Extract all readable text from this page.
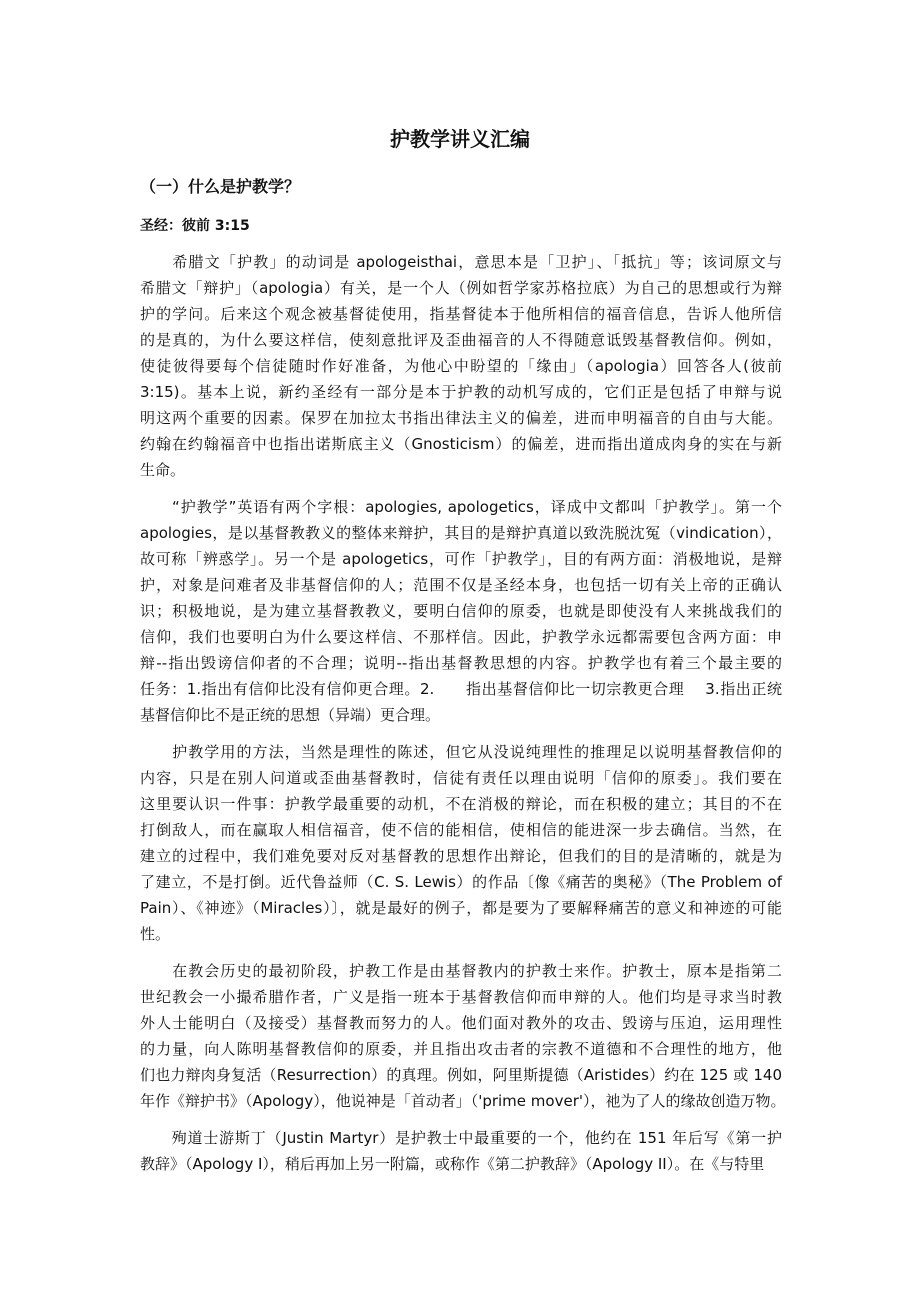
护教学讲义汇编
（一）什么是护教学？
圣经：彼前 3:15
　　希腊文「护教」的动词是 apologeisthai，意思本是「卫护」、「抵抗」等；该词原文与
希腊文「辩护」（apologia）有关，是一个人（例如哲学家苏格拉底）为自己的思想或行为辩
护的学问。后来这个观念被基督徒使用，指基督徒本于他所相信的福音信息，告诉人他所信
的是真的，为什么要这样信，使刻意批评及歪曲福音的人不得随意诋毁基督教信仰。例如，
使徒彼得要每个信徒随时作好准备，为他心中盼望的「缘由」（apologia）回答各人(彼前
3:15)。基本上说，新约圣经有一部分是本于护教的动机写成的，它们正是包括了申辩与说
明这两个重要的因素。保罗在加拉太书指出律法主义的偏差，进而申明福音的自由与大能。
约翰在约翰福音中也指出诺斯底主义（Gnosticism）的偏差，进而指出道成肉身的实在与新
生命。
　　“护教学”英语有两个字根：apologies, apologetics，译成中文都叫「护教学」。第一个
apologies，是以基督教教义的整体来辩护，其目的是辩护真道以致洗脱沈冤（vindication），
故可称「辨惑学」。另一个是 apologetics，可作「护教学」，目的有两方面：消极地说，是辩
护，对象是问难者及非基督信仰的人；范围不仅是圣经本身，也包括一切有关上帝的正确认
识；积极地说，是为建立基督教教义，要明白信仰的原委，也就是即使没有人来挑战我们的
信仰，我们也要明白为什么要这样信、不那样信。因此，护教学永远都需要包含两方面：申
辩--指出毁谤信仰者的不合理；说明--指出基督教思想的内容。护教学也有着三个最主要的
任务：1.指出有信仰比没有信仰更合理。2.　　指出基督信仰比一切宗教更合理　 3.指出正统
基督信仰比不是正统的思想（异端）更合理。
　　护教学用的方法，当然是理性的陈述，但它从没说纯理性的推理足以说明基督教信仰的
内容，只是在别人问道或歪曲基督教时，信徒有责任以理由说明「信仰的原委」。我们要在
这里要认识一件事：护教学最重要的动机，不在消极的辩论，而在积极的建立；其目的不在
打倒敌人，而在赢取人相信福音，使不信的能相信，使相信的能进深一步去确信。当然，在
建立的过程中，我们难免要对反对基督教的思想作出辩论，但我们的目的是清晰的，就是为
了建立，不是打倒。近代鲁益师（C. S. Lewis）的作品〔像《痛苦的奥秘》（The Problem of
Pain）、《神迹》（Miracles）〕，就是最好的例子，都是要为了要解释痛苦的意义和神迹的可能
性。
　　在教会历史的最初阶段，护教工作是由基督教内的护教士来作。护教士，原本是指第二
世纪教会一小撮希腊作者，广义是指一班本于基督教信仰而申辩的人。他们均是寻求当时教
外人士能明白（及接受）基督教而努力的人。他们面对教外的攻击、毁谤与压迫，运用理性
的力量，向人陈明基督教信仰的原委，并且指出攻击者的宗教不道德和不合理性的地方，他
们也力辩肉身复活（Resurrection）的真理。例如，阿里斯提德（Aristides）约在 125 或 140
年作《辩护书》（Apology），他说神是「首动者」（'prime mover'），祂为了人的缘故创造万物。
　　殉道士游斯丁（Justin Martyr）是护教士中最重要的一个，他约在 151 年后写《第一护
教辞》（Apology I），稍后再加上另一附篇，或称作《第二护教辞》（Apology II）。在《与特里
